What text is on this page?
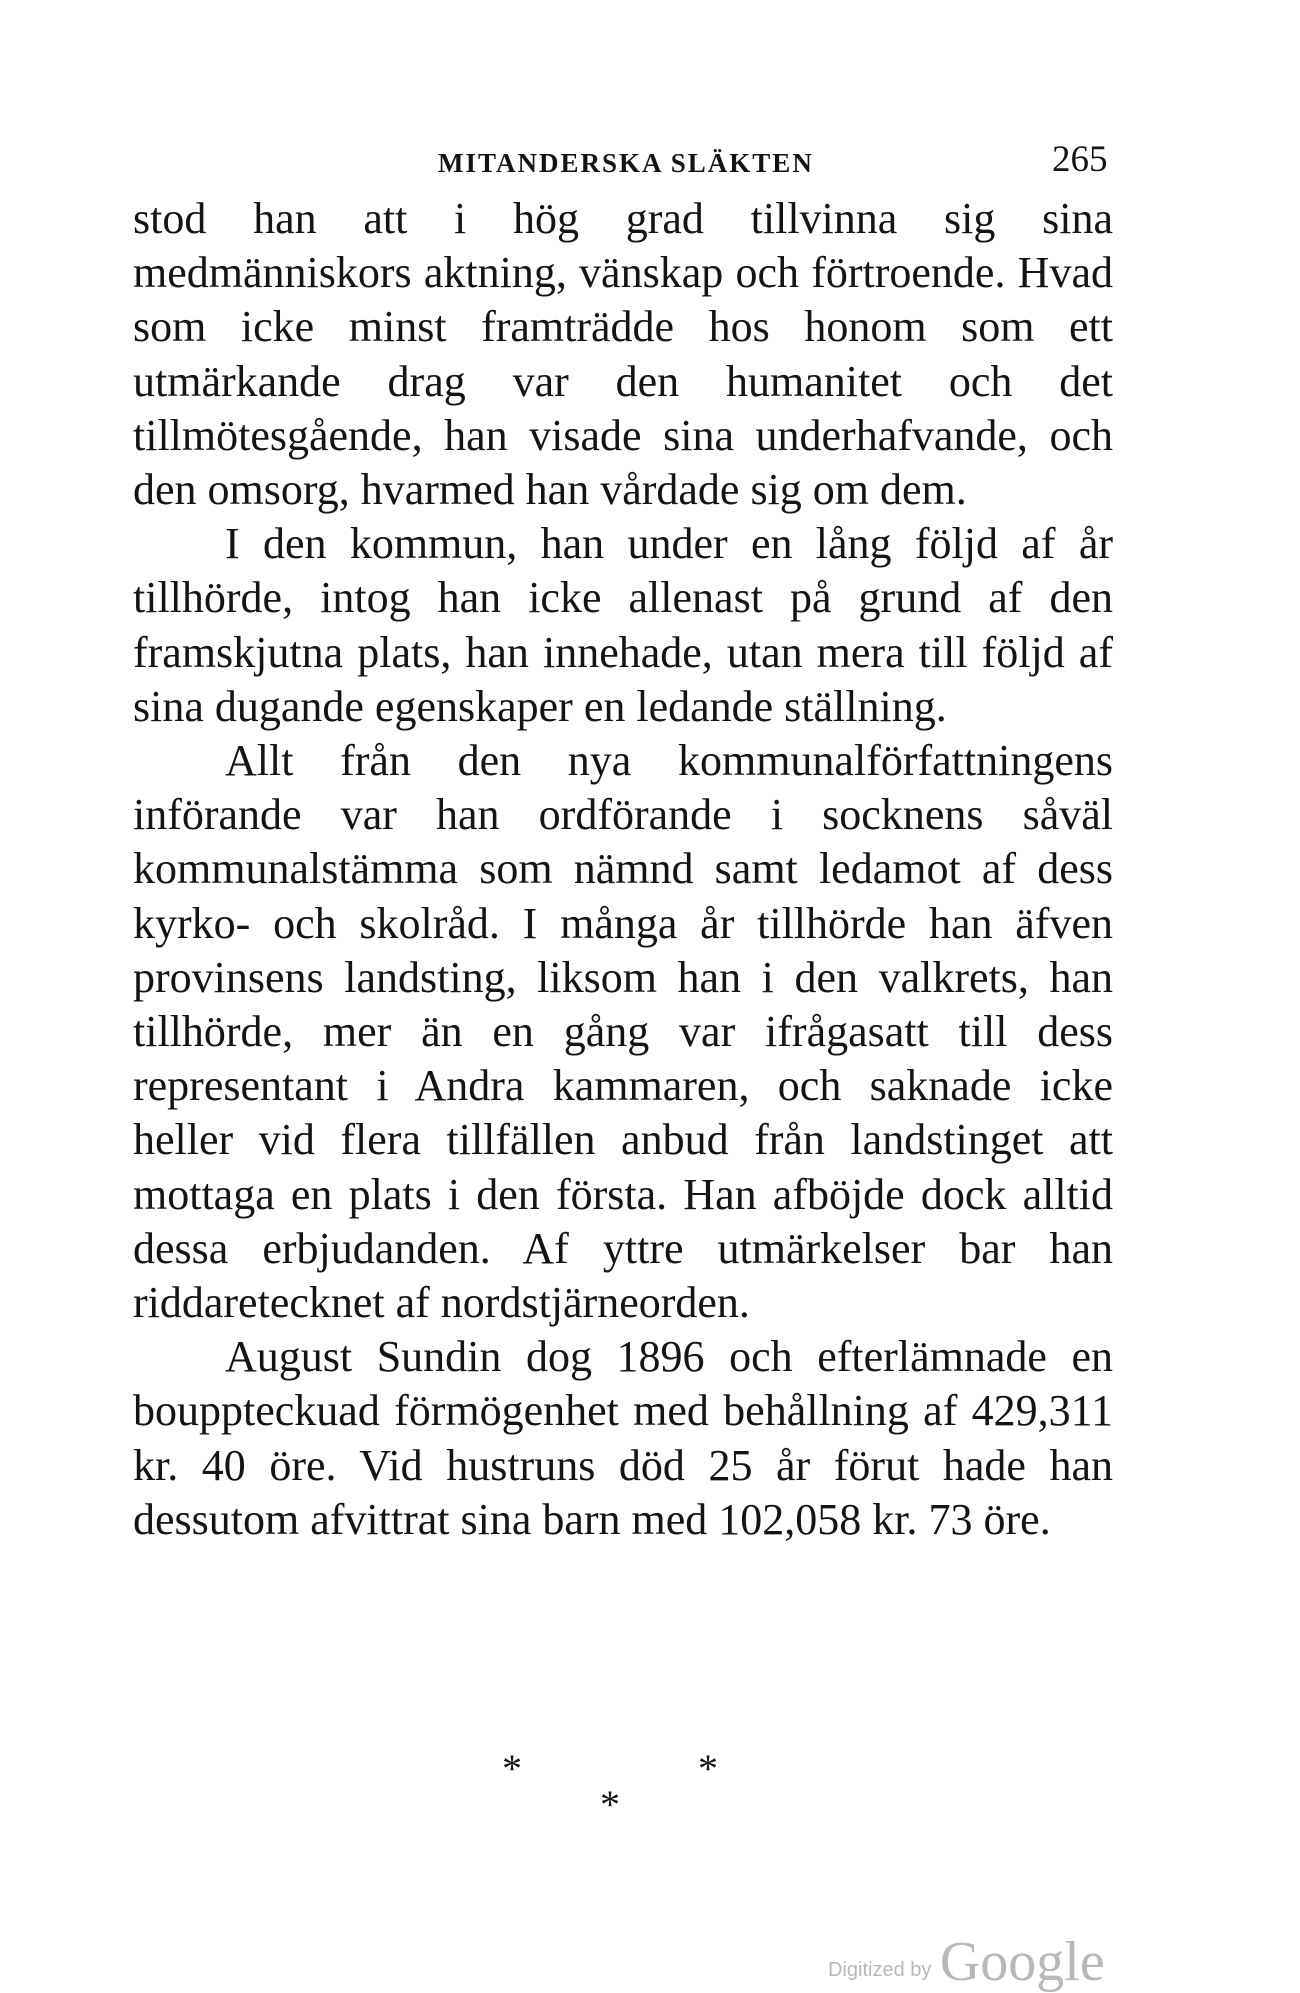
MITANDERSKA SLÄKTEN	265

stod han att i hög grad tillvinna sig sina medmänniskors aktning, vänskap och förtroende. Hvad som icke minst framträdde hos honom som ett utmärkande drag var den humanitet och det tillmötesgående, han visade sina underhafvande, och den omsorg, hvarmed han vårdade sig om dem.

I den kommun, han under en lång följd af år tillhörde, intog han icke allenast på grund af den framskjutna plats, han innehade, utan mera till följd af sina dugande egenskaper en ledande ställning.

Allt från den nya kommunalförfattningens införande var han ordförande i socknens såväl kommunalstämma som nämnd samt ledamot af dess kyrko- och skolråd. I många år tillhörde han äfven provinsens landsting, liksom han i den valkrets, han tillhörde, mer än en gång var ifrågasatt till dess representant i Andra kammaren, och saknade icke heller vid flera tillfällen anbud från landstinget att mottaga en plats i den första. Han afböjde dock alltid dessa erbjudanden. Af yttre utmärkelser bar han riddaretecknet af nordstjärneorden.

August Sundin dog 1896 och efterlämnade en bouppteckuad förmögenhet med behållning af 429,311 kr. 40 öre. Vid hustruns död 25 år förut hade han dessutom afvittrat sina barn med 102,058 kr. 73 öre.

*	*
*
Digitized by Google
